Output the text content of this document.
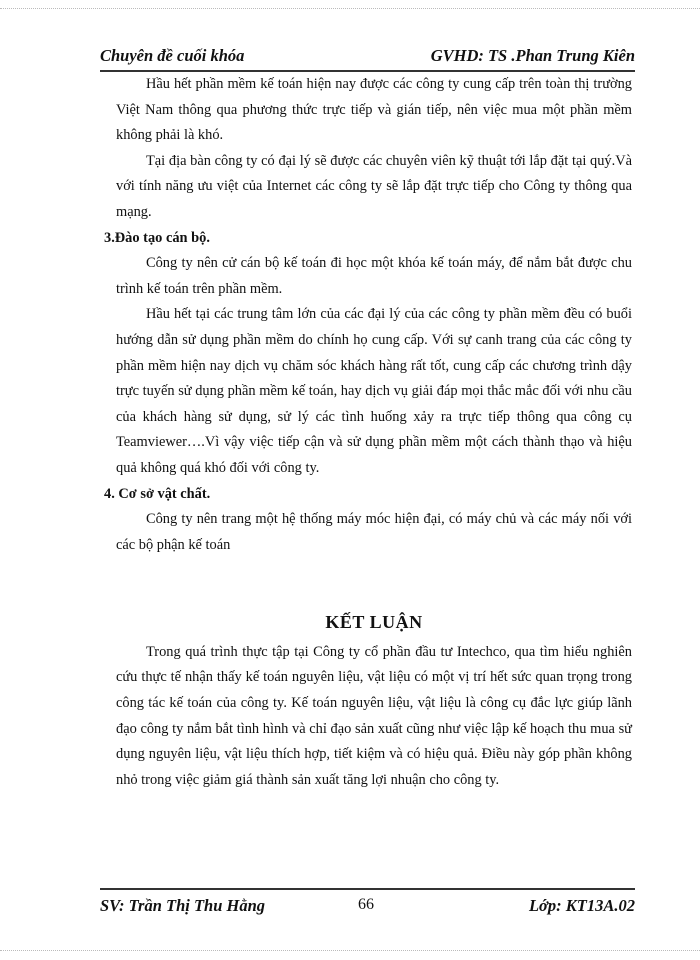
Chuyên đề cuối khóa	GVHD: TS .Phan Trung Kiên

Hầu hết phần mềm kế toán hiện nay được các công ty cung cấp trên toàn thị trường Việt Nam thông qua phương thức trực tiếp và gián tiếp, nên việc mua một phần mềm không phải là khó.

Tại địa bàn công ty có đại lý sẽ được các chuyên viên kỹ thuật tới lắp đặt tại quý.Và với tính năng ưu việt của Internet các công ty sẽ lắp đặt trực tiếp cho Công ty thông qua mạng.

3.Đào tạo cán bộ.

Công ty nên cử cán bộ kế toán đi học một khóa kế toán máy, để nắm bắt được chu trình kế toán trên phần mềm.

Hầu hết tại các trung tâm lớn của các đại lý của các công ty phần mềm đều có buổi hướng dẫn sử dụng phần mềm do chính họ cung cấp. Với sự canh trang của các công ty phần mềm hiện nay dịch vụ chăm sóc khách hàng rất tốt, cung cấp các chương trình dậy trực tuyến sử dụng phần mềm kế toán, hay dịch vụ giải đáp mọi thắc mắc đối với nhu cầu của khách hàng sử dụng, sử lý các tình huống xảy ra trực tiếp thông qua công cụ Teamviewer….Vì vậy việc tiếp cận và sử dụng phần mềm một cách thành thạo và hiệu quả không quá khó đối với công ty.

4. Cơ sở vật chất.

Công ty nên trang một hệ thống máy móc hiện đại, có máy chủ và các máy nối với các bộ phận kế toán

KẾT LUẬN

Trong quá trình thực tập tại Công ty cổ phần đầu tư Intechco, qua tìm hiểu nghiên cứu thực tế nhận thấy kế toán nguyên liệu, vật liệu có một vị trí hết sức quan trọng trong công tác kế toán của công ty. Kế toán nguyên liệu, vật liệu là công cụ đắc lực giúp lãnh đạo công ty nắm bắt tình hình và chỉ đạo sản xuất cũng như việc lập kế hoạch thu mua sử dụng nguyên liệu, vật liệu thích hợp, tiết kiệm và có hiệu quả. Điều này góp phần không nhỏ trong việc giảm giá thành sản xuất tăng lợi nhuận cho công ty.

SV: Trần Thị Thu Hằng	66	Lớp: KT13A.02
